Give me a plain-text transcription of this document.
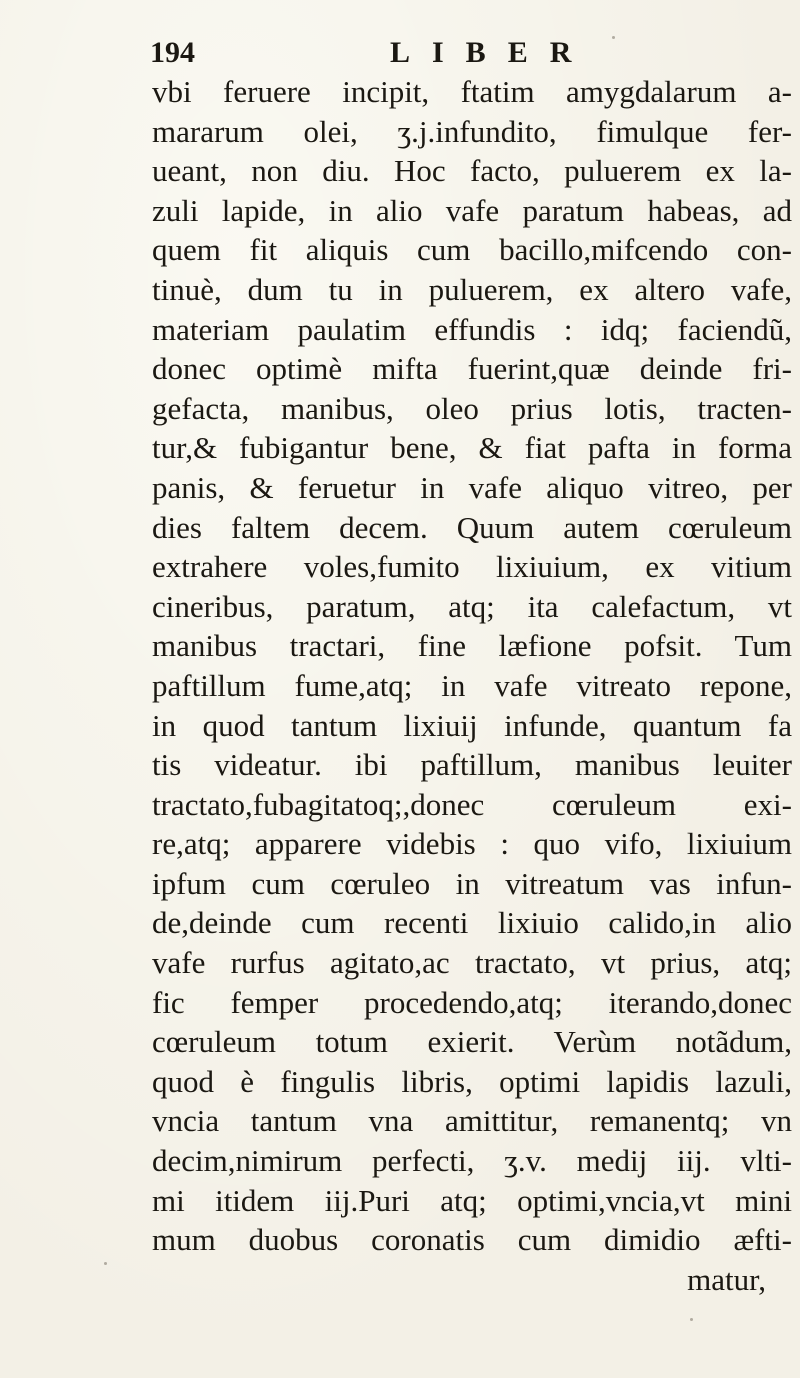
194	LIBER
vbi feruere incipit, ftatim amygdalarum a-
mararum olei, ʒ.j.infundito, fimulque fer-
ueant, non diu. Hoc facto, puluerem ex la-
zuli lapide, in alio vafe paratum habeas, ad
quem fit aliquis cum bacillo,mifcendo con-
tinuè, dum tu in puluerem, ex altero vafe,
materiam paulatim effundis : idq; faciendũ,
donec optimè mifta fuerint,quæ deinde fri-
gefacta, manibus, oleo prius lotis, tracten-
tur,& fubigantur bene, & fiat pafta in forma
panis, & feruetur in vafe aliquo vitreo, per
dies faltem decem. Quum autem cœruleum
extrahere voles,fumito lixiuium, ex vitium
cineribus, paratum, atq; ita calefactum, vt
manibus tractari, fine læfione pofsit. Tum
paftillum fume,atq; in vafe vitreato repone,
in quod tantum lixiuij infunde, quantum fa
tis videatur. ibi paftillum, manibus leuiter
tractato,fubagitatoq;,donec cœruleum exi-
re,atq; apparere videbis : quo vifo, lixiuium
ipfum cum cœruleo in vitreatum vas infun-
de,deinde cum recenti lixiuio calido,in alio
vafe rurfus agitato,ac tractato, vt prius, atq;
fic femper procedendo,atq; iterando,donec
cœruleum totum exierit. Verùm notãdum,
quod è fingulis libris, optimi lapidis lazuli,
vncia tantum vna amittitur, remanentq; vn
decim,nimirum perfecti, ʒ.v. medij iij. vlti-
mi itidem iij.Puri atq; optimi,vncia,vt mini
mum duobus coronatis cum dimidio æfti-
matur,
